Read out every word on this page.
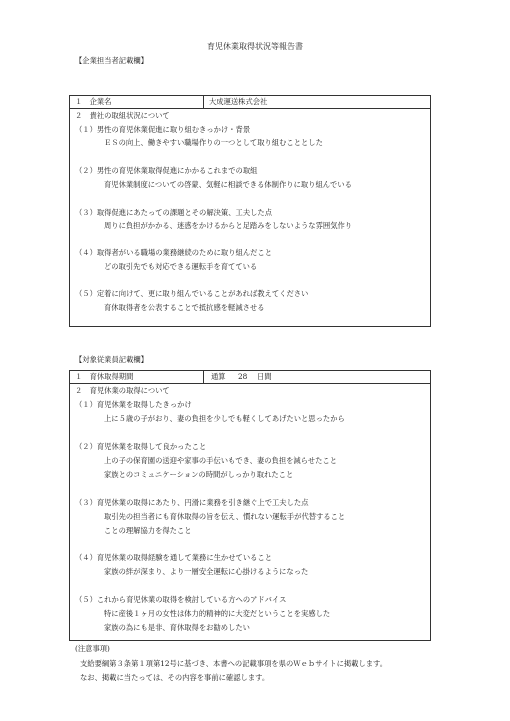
育児休業取得状況等報告書
【企業担当者記載欄】
１　企業名	大成運送株式会社
２　貴社の取組状況について
（１）男性の育児休業促進に取り組むきっかけ・背景
ＥＳの向上、働きやすい職場作りの一つとして取り組むこととした
（２）男性の育児休業取得促進にかかるこれまでの取組
育児休業制度についての啓蒙、気軽に相談できる体制作りに取り組んでいる
（３）取得促進にあたっての課題とその解決策、工夫した点
周りに負担がかかる、迷惑をかけるからと足踏みをしないような雰囲気作り
（４）取得者がいる職場の業務継続のために取り組んだこと
どの取引先でも対応できる運転手を育てている
（５）定着に向けて、更に取り組んでいることがあれば教えてください
育休取得者を公表することで抵抗感を軽減させる
【対象従業員記載欄】
１　育休取得期間	通算 28 日間
２　育児休業の取得について
（１）育児休業を取得したきっかけ
上に５歳の子がおり、妻の負担を少しでも軽くしてあげたいと思ったから
（２）育児休業を取得して良かったこと
上の子の保育園の送迎や家事の手伝いもでき、妻の負担を減らせたこと
家族とのコミュニケーションの時間がしっかり取れたこと
（３）育児休業の取得にあたり、円滑に業務を引き継ぐ上で工夫した点
取引先の担当者にも育休取得の旨を伝え、慣れない運転手が代替すること
ことの理解協力を得たこと
（４）育児休業の取得経験を通して業務に生かせていること
家族の絆が深まり、より一層安全運転に心掛けるようになった
（５）これから育児休業の取得を検討している方へのアドバイス
特に産後１ヶ月の女性は体力的精神的に大変だということを実感した
家族の為にも是非、育休取得をお勧めしたい
(注意事項)
支給要綱第３条第１項第12号に基づき、本書への記載事項を県のＷｅｂサイトに掲載します。
なお、掲載に当たっては、その内容を事前に確認します。
